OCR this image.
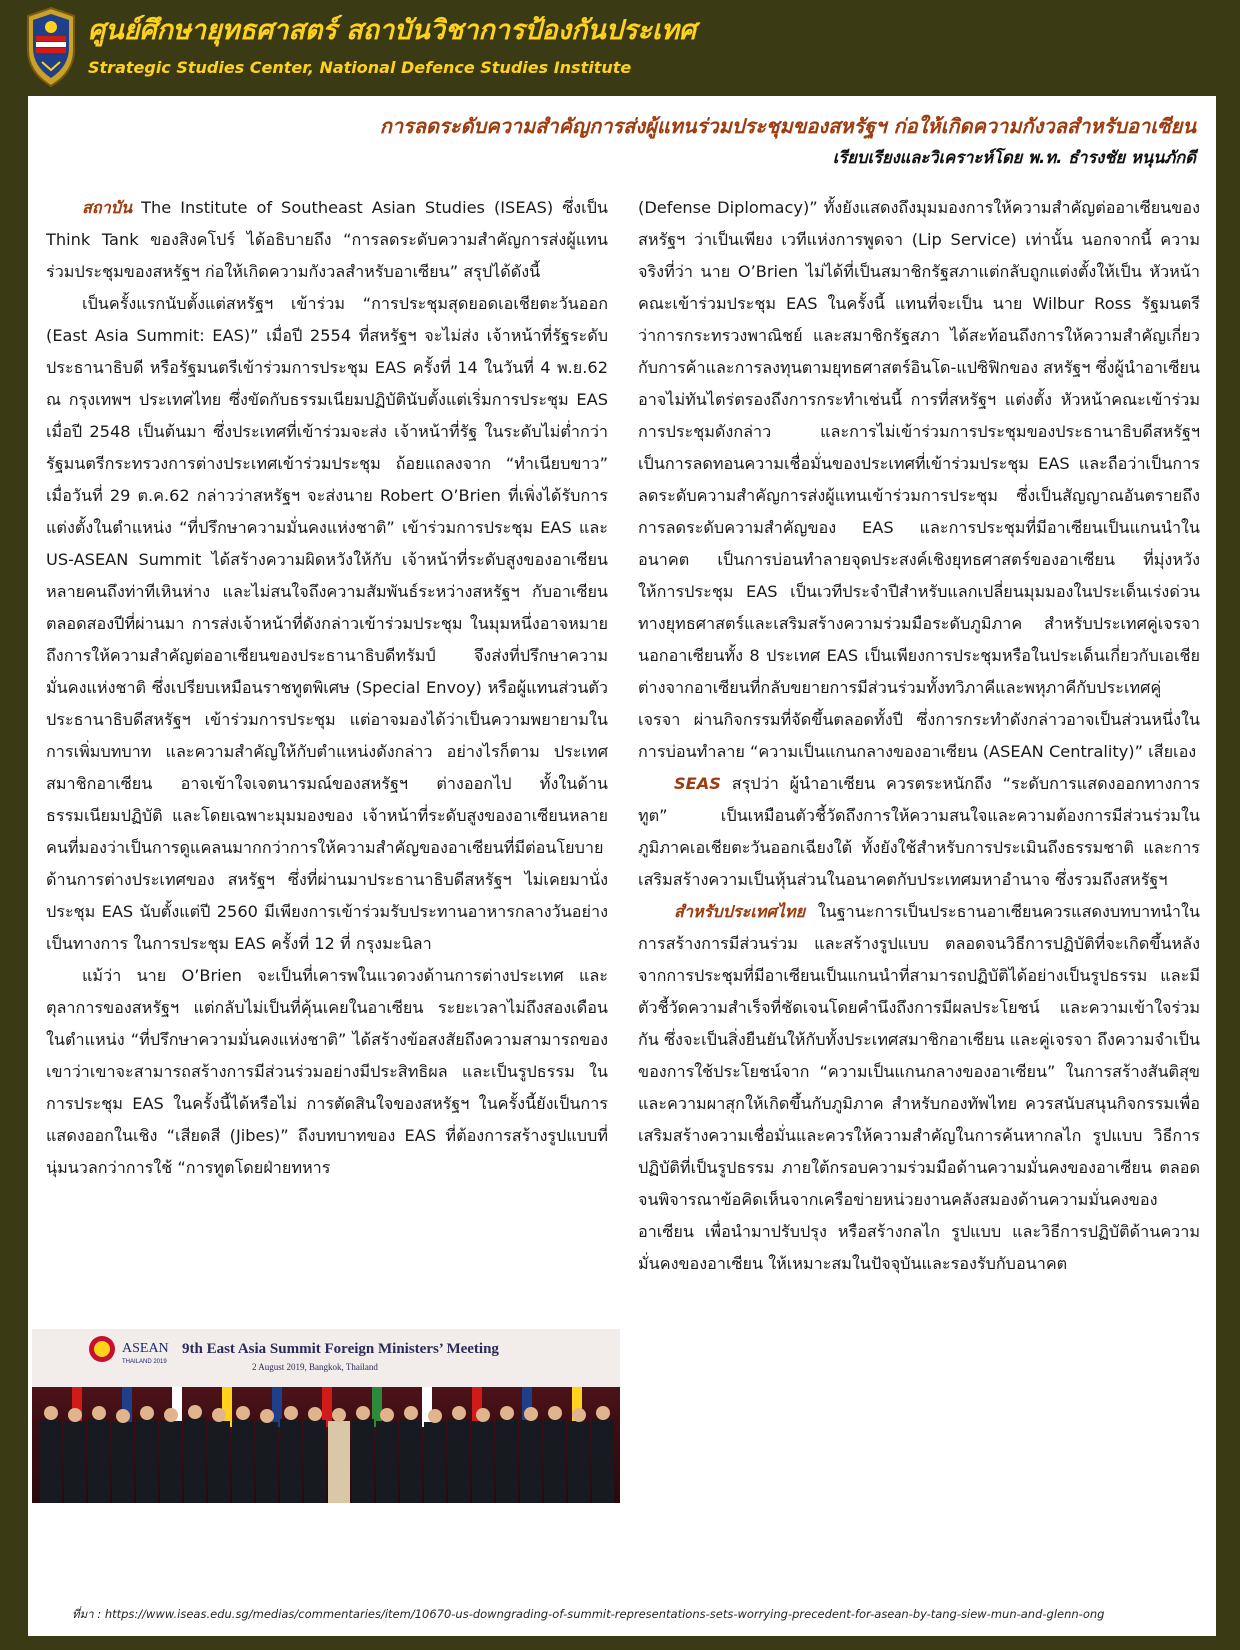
ศูนย์ศึกษายุทธศาสตร์ สถาบันวิชาการป้องกันประเทศ
Strategic Studies Center, National Defence Studies Institute
การลดระดับความสำคัญการส่งผู้แทนร่วมประชุมของสหรัฐฯ ก่อให้เกิดความกังวลสำหรับอาเซียน
เรียบเรียงและวิเคราะห์โดย พ.ท. ธำรงชัย หนุนภักดี

สถาบัน The Institute of Southeast Asian Studies (ISEAS) ซึ่งเป็น Think Tank ของสิงคโปร์ ได้อธิบายถึง “การลดระดับความสำคัญการส่งผู้แทนร่วมประชุมของสหรัฐฯ ก่อให้เกิดความกังวลสำหรับอาเซียน” สรุปได้ดังนี้

เป็นครั้งแรกนับตั้งแต่สหรัฐฯ เข้าร่วม “การประชุมสุดยอดเอเชียตะวันออก (East Asia Summit: EAS)” เมื่อปี 2554 ที่สหรัฐฯ จะไม่ส่ง เจ้าหน้าที่รัฐระดับประธานาธิบดี หรือรัฐมนตรีเข้าร่วมการประชุม EAS ครั้งที่ 14 ในวันที่ 4 พ.ย.62 ณ กรุงเทพฯ ประเทศไทย ซึ่งขัดกับธรรมเนียมปฏิบัตินับตั้งแต่เริ่มการประชุม EAS เมื่อปี 2548 เป็นต้นมา ซึ่งประเทศที่เข้าร่วมจะส่ง เจ้าหน้าที่รัฐ ในระดับไม่ต่ำกว่ารัฐมนตรีกระทรวงการต่างประเทศเข้าร่วมประชุม ถ้อยแถลงจาก “ทำเนียบขาว” เมื่อวันที่ 29 ต.ค.62 กล่าวว่าสหรัฐฯ จะส่งนาย Robert O’Brien ที่เพิ่งได้รับการแต่งตั้งในตำแหน่ง “ที่ปรึกษาความมั่นคงแห่งชาติ” เข้าร่วมการประชุม EAS และ US-ASEAN Summit ได้สร้างความผิดหวังให้กับ เจ้าหน้าที่ระดับสูงของอาเซียนหลายคนถึงท่าทีเหินห่าง และไม่สนใจถึงความสัมพันธ์ระหว่างสหรัฐฯ กับอาเซียนตลอดสองปีที่ผ่านมา การส่งเจ้าหน้าที่ดังกล่าวเข้าร่วมประชุม ในมุมหนึ่งอาจหมายถึงการให้ความสำคัญต่ออาเซียนของประธานาธิบดีทรัมป์ จึงส่งที่ปรึกษาความมั่นคงแห่งชาติ ซึ่งเปรียบเหมือนราชทูตพิเศษ (Special Envoy) หรือผู้แทนส่วนตัว ประธานาธิบดีสหรัฐฯ เข้าร่วมการประชุม แต่อาจมองได้ว่าเป็นความพยายามในการเพิ่มบทบาท และความสำคัญให้กับตำแหน่งดังกล่าว อย่างไรก็ตาม ประเทศสมาชิกอาเซียน อาจเข้าใจเจตนารมณ์ของสหรัฐฯ ต่างออกไป ทั้งในด้านธรรมเนียมปฏิบัติ และโดยเฉพาะมุมมองของ เจ้าหน้าที่ระดับสูงของอาเซียนหลายคนที่มองว่าเป็นการดูแคลนมากกว่าการให้ความสำคัญของอาเซียนที่มีต่อนโยบายด้านการต่างประเทศของ สหรัฐฯ ซึ่งที่ผ่านมาประธานาธิบดีสหรัฐฯ ไม่เคยมานั่งประชุม EAS นับตั้งแต่ปี 2560 มีเพียงการเข้าร่วมรับประทานอาหารกลางวันอย่างเป็นทางการ ในการประชุม EAS ครั้งที่ 12 ที่ กรุงมะนิลา

แม้ว่า นาย O’Brien จะเป็นที่เคารพในแวดวงด้านการต่างประเทศ และตุลาการของสหรัฐฯ แต่กลับไม่เป็นที่คุ้นเคยในอาเซียน ระยะเวลาไม่ถึงสองเดือนในตำแหน่ง “ที่ปรึกษาความมั่นคงแห่งชาติ” ได้สร้างข้อสงสัยถึงความสามารถของเขาว่าเขาจะสามารถสร้างการมีส่วนร่วมอย่างมีประสิทธิผล และเป็นรูปธรรม ในการประชุม EAS ในครั้งนี้ได้หรือไม่ การตัดสินใจของสหรัฐฯ ในครั้งนี้ยังเป็นการแสดงออกในเชิง “เสียดสี (Jibes)” ถึงบทบาทของ EAS ที่ต้องการสร้างรูปแบบที่นุ่มนวลกว่าการใช้ “การทูตโดยฝ่ายทหาร

(Defense Diplomacy)” ทั้งยังแสดงถึงมุมมองการให้ความสำคัญต่ออาเซียนของสหรัฐฯ ว่าเป็นเพียง เวทีแห่งการพูดจา (Lip Service) เท่านั้น นอกจากนี้ ความจริงที่ว่า นาย O’Brien ไม่ได้ที่เป็นสมาชิกรัฐสภาแต่กลับถูกแต่งตั้งให้เป็น หัวหน้าคณะเข้าร่วมประชุม EAS ในครั้งนี้ แทนที่จะเป็น นาย Wilbur Ross รัฐมนตรีว่าการกระทรวงพาณิชย์ และสมาชิกรัฐสภา ได้สะท้อนถึงการให้ความสำคัญเกี่ยวกับการค้าและการลงทุนตามยุทธศาสตร์อินโด-แปซิฟิกของ สหรัฐฯ ซึ่งผู้นำอาเซียนอาจไม่ทันไตร่ตรองถึงการกระทำเช่นนี้ การที่สหรัฐฯ แต่งตั้ง หัวหน้าคณะเข้าร่วมการประชุมดังกล่าว และการไม่เข้าร่วมการประชุมของประธานาธิบดีสหรัฐฯ เป็นการลดทอนความเชื่อมั่นของประเทศที่เข้าร่วมประชุม EAS และถือว่าเป็นการลดระดับความสำคัญการส่งผู้แทนเข้าร่วมการประชุม ซึ่งเป็นสัญญาณอันตรายถึงการลดระดับความสำคัญของ EAS และการประชุมที่มีอาเซียนเป็นแกนนำในอนาคต เป็นการบ่อนทำลายจุดประสงค์เชิงยุทธศาสตร์ของอาเซียน ที่มุ่งหวังให้การประชุม EAS เป็นเวทีประจำปีสำหรับแลกเปลี่ยนมุมมองในประเด็นเร่งด่วนทางยุทธศาสตร์และเสริมสร้างความร่วมมือระดับภูมิภาค สำหรับประเทศคู่เจรจานอกอาเซียนทั้ง 8 ประเทศ EAS เป็นเพียงการประชุมหรือในประเด็นเกี่ยวกับเอเชีย ต่างจากอาเซียนที่กลับขยายการมีส่วนร่วมทั้งทวิภาคีและพหุภาคีกับประเทศคู่เจรจา ผ่านกิจกรรมที่จัดขึ้นตลอดทั้งปี ซึ่งการกระทำดังกล่าวอาจเป็นส่วนหนึ่งในการบ่อนทำลาย “ความเป็นแกนกลางของอาเซียน (ASEAN Centrality)” เสียเอง

SEAS สรุปว่า ผู้นำอาเซียน ควรตระหนักถึง “ระดับการแสดงออกทางการทูต” เป็นเหมือนตัวชี้วัดถึงการให้ความสนใจและความต้องการมีส่วนร่วมในภูมิภาคเอเชียตะวันออกเฉียงใต้ ทั้งยังใช้สำหรับการประเมินถึงธรรมชาติ และการเสริมสร้างความเป็นหุ้นส่วนในอนาคตกับประเทศมหาอำนาจ ซึ่งรวมถึงสหรัฐฯ

สำหรับประเทศไทย ในฐานะการเป็นประธานอาเซียนควรแสดงบทบาทนำในการสร้างการมีส่วนร่วม และสร้างรูปแบบ ตลอดจนวิธีการปฏิบัติที่จะเกิดขึ้นหลังจากการประชุมที่มีอาเซียนเป็นแกนนำที่สามารถปฏิบัติได้อย่างเป็นรูปธรรม และมีตัวชี้วัดความสำเร็จที่ชัดเจนโดยคำนึงถึงการมีผลประโยชน์ และความเข้าใจร่วมกัน ซึ่งจะเป็นสิ่งยืนยันให้กับทั้งประเทศสมาชิกอาเซียน และคู่เจรจา ถึงความจำเป็นของการใช้ประโยชน์จาก “ความเป็นแกนกลางของอาเซียน” ในการสร้างสันติสุข และความผาสุกให้เกิดขึ้นกับภูมิภาค สำหรับกองทัพไทย ควรสนับสนุนกิจกรรมเพื่อเสริมสร้างความเชื่อมั่นและควรให้ความสำคัญในการค้นหากลไก รูปแบบ วิธีการปฏิบัติที่เป็นรูปธรรม ภายใต้กรอบความร่วมมือด้านความมั่นคงของอาเซียน ตลอดจนพิจารณาข้อคิดเห็นจากเครือข่ายหน่วยงานคลังสมองด้านความมั่นคงของอาเซียน เพื่อนำมาปรับปรุง หรือสร้างกลไก รูปแบบ และวิธีการปฏิบัติด้านความมั่นคงของอาเซียน ให้เหมาะสมในปัจจุบันและรองรับกับอนาคต

ASEAN
THAILAND 2019
9th East Asia Summit Foreign Ministers’ Meeting
2 August 2019, Bangkok, Thailand
ที่มา : https://www.iseas.edu.sg/medias/commentaries/item/10670-us-downgrading-of-summit-representations-sets-worrying-precedent-for-asean-by-tang-siew-mun-and-glenn-ong
